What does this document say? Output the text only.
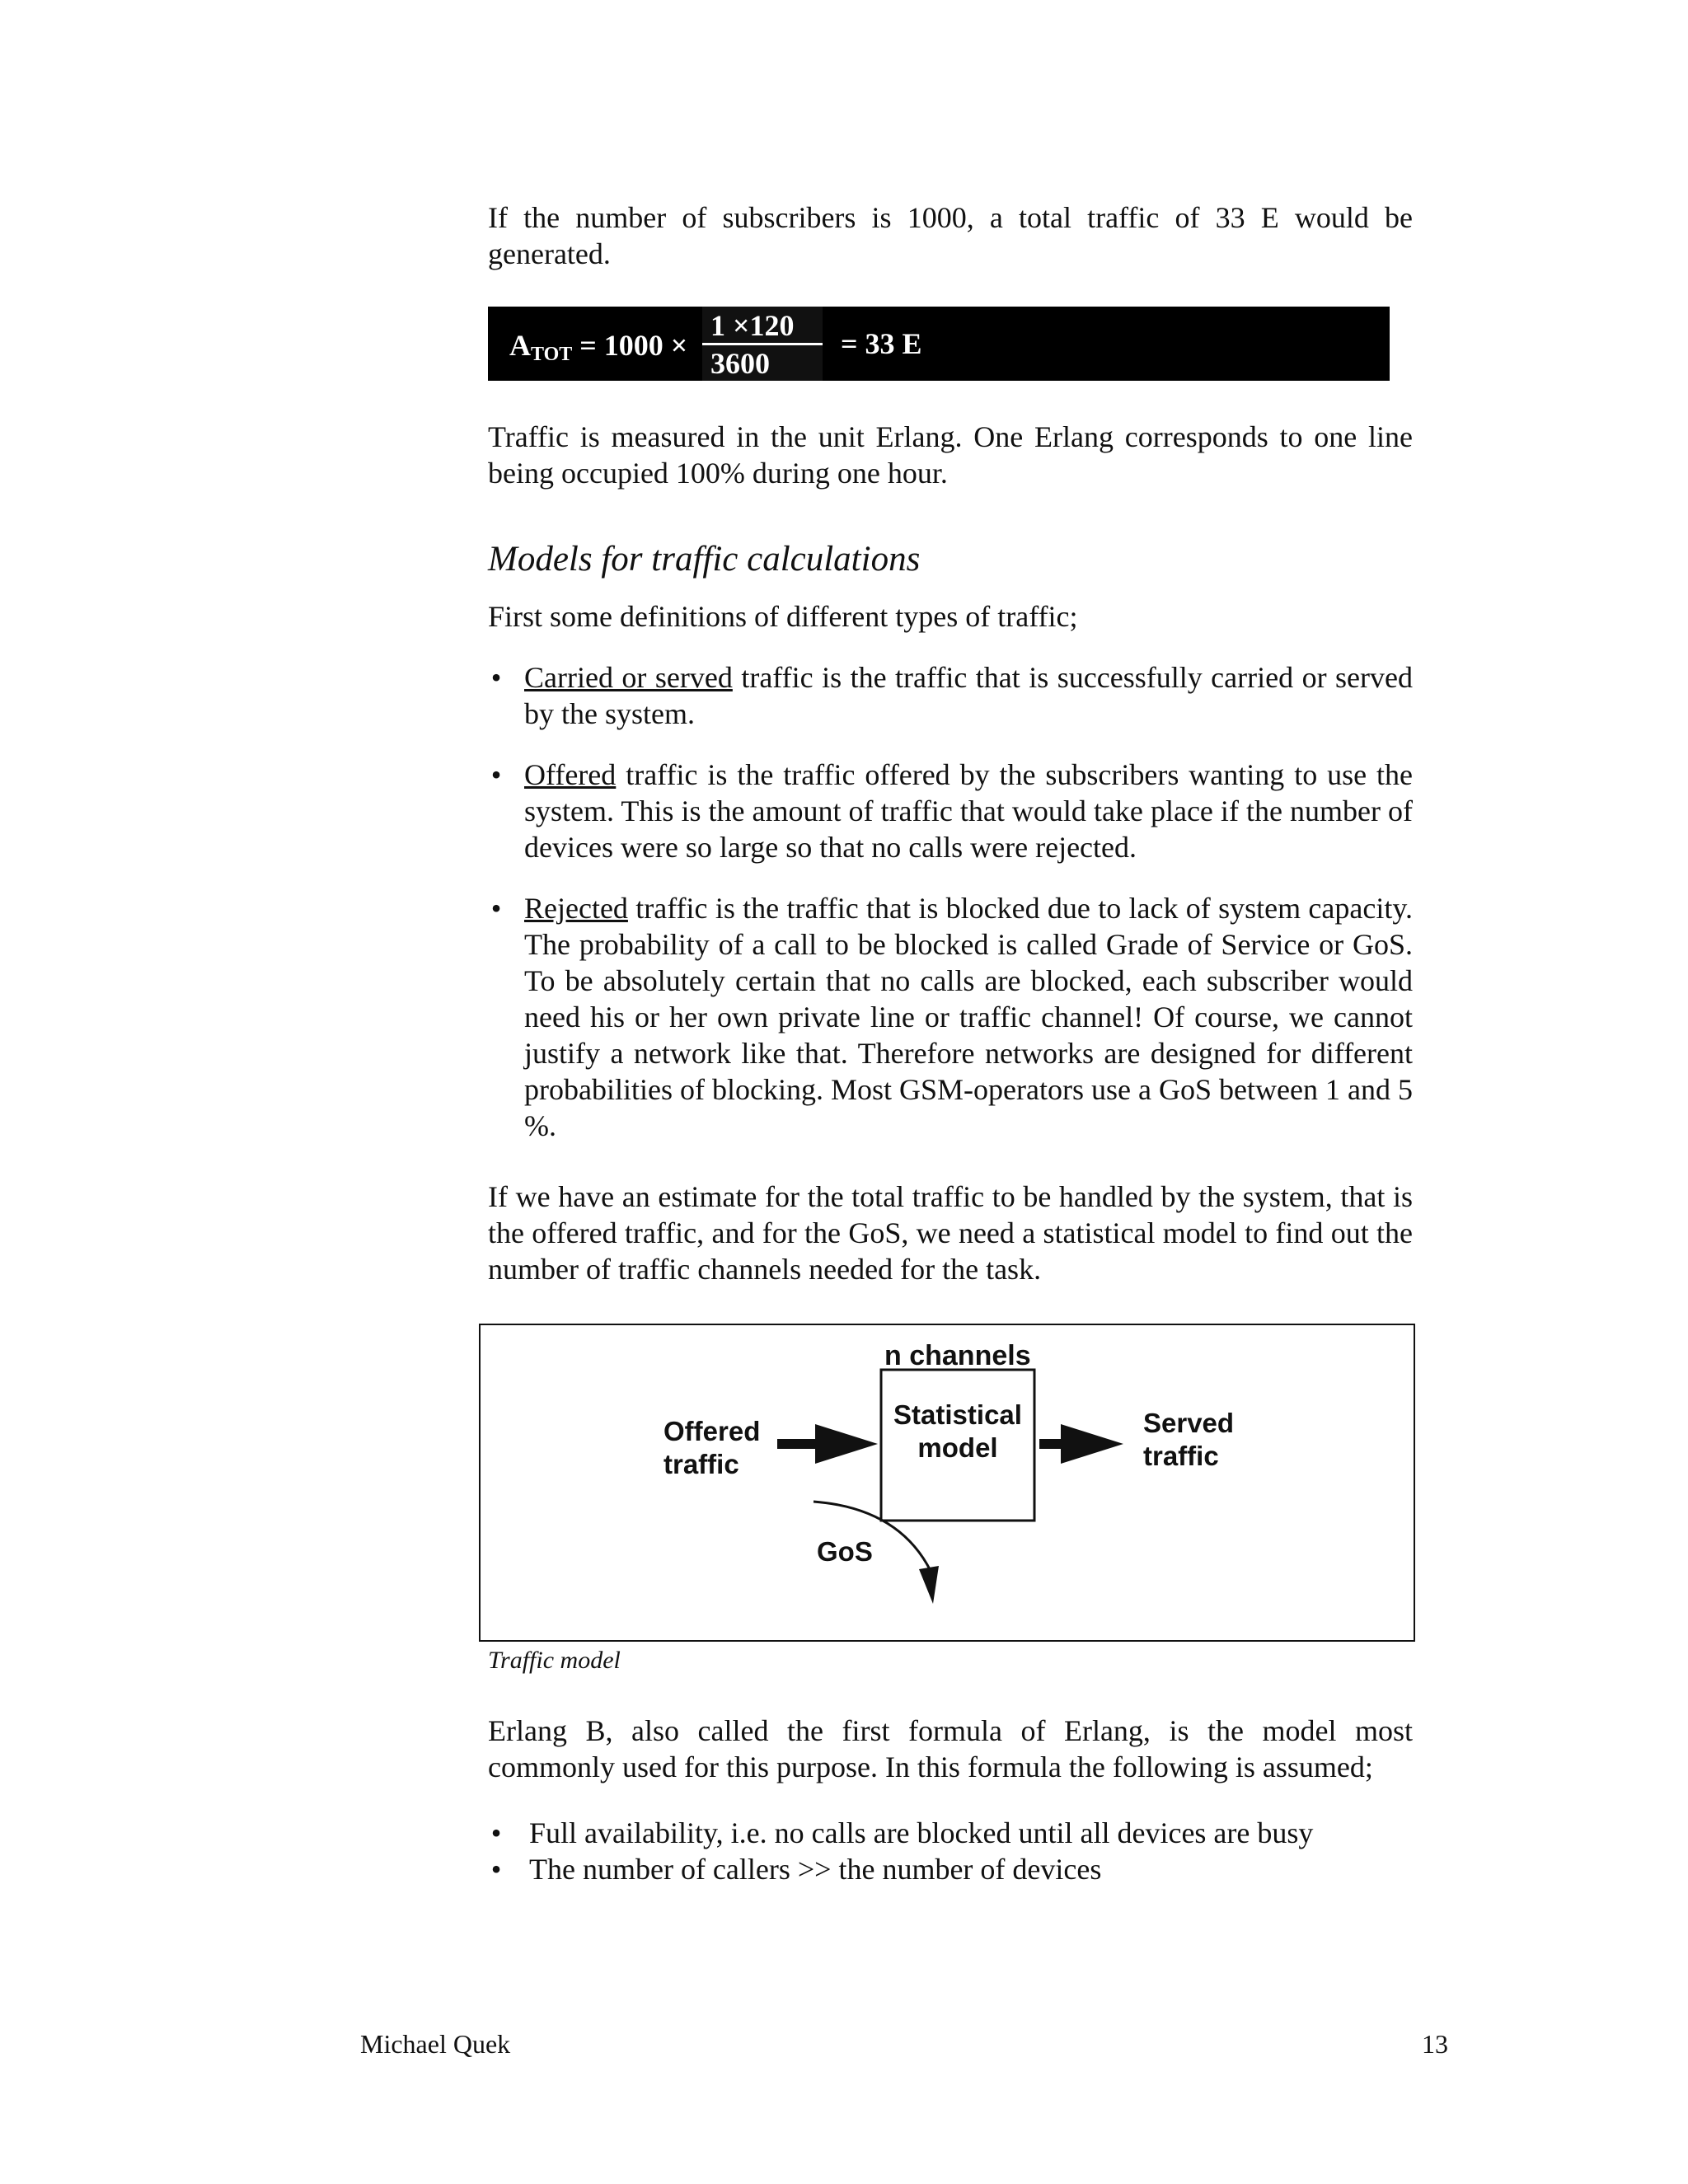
If the number of subscribers is 1000, a total traffic of 33 E would be generated.

$A_{TOT} = 1000$ ×
1 ×120
3600
= 33 E

Traffic is measured in the unit Erlang. One Erlang corresponds to one line being occupied 100% during one hour.

Models for traffic calculations

First some definitions of different types of traffic;

• Carried or served traffic is the traffic that is successfully carried or served by the system.
• Offered traffic is the traffic offered by the subscribers wanting to use the system. This is the amount of traffic that would take place if the number of devices were so large so that no calls were rejected.
• Rejected traffic is the traffic that is blocked due to lack of system capacity. The probability of a call to be blocked is called Grade of Service or GoS. To be absolutely certain that no calls are blocked, each subscriber would need his or her own private line or traffic channel! Of course, we cannot justify a network like that. Therefore networks are designed for different probabilities of blocking. Most GSM-operators use a GoS between 1 and 5 %.

If we have an estimate for the total traffic to be handled by the system, that is the offered traffic, and for the GoS, we need a statistical model to find out the number of traffic channels needed for the task.

n channels
Statistical
model
Offered
traffic
Served
traffic
GoS

Traffic model

Erlang B, also called the first formula of Erlang, is the model most commonly used for this purpose. In this formula the following is assumed;

• Full availability, i.e. no calls are blocked until all devices are busy
• The number of callers >> the number of devices
Michael Quek	13
